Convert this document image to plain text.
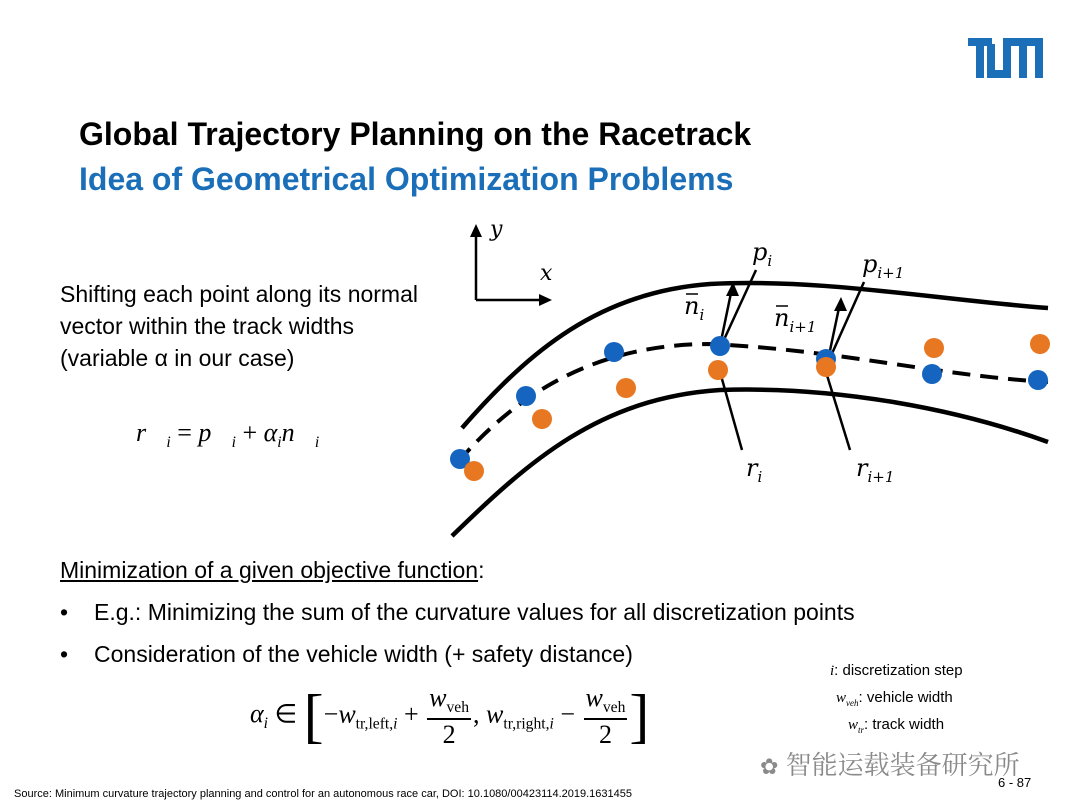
Global Trajectory Planning on the Racetrack
Idea of Geometrical Optimization Problems
Shifting each point along its normal vector within the track widths (variable α in our case)
$r⃗_i$ = $p⃗_i$ + $\alpha_in⃗_i$
y
x
$p_i$	$p_{i+1}$
$n_i$	$n_{i+1}$
$r_i$	$r_{i+1}$
Minimization of a given objective function:
• E.g.: Minimizing the sum of the curvature values for all discretization points
• Consideration of the vehicle width (+ safety distance)
$\alpha_i$ ∈ [$-w_{tr,left,i} + \frac{w_{veh}}{2}$ , $w_{tr,right,i} - \frac{w_{veh}}{2}$ ]
i: discretization step
$w_{veh}$: vehicle width
$w_{tr}$: track width
✿ 智能运载装备研究所
6 - 87
Source: Minimum curvature trajectory planning and control for an autonomous race car, DOI: 10.1080/00423114.2019.1631455
